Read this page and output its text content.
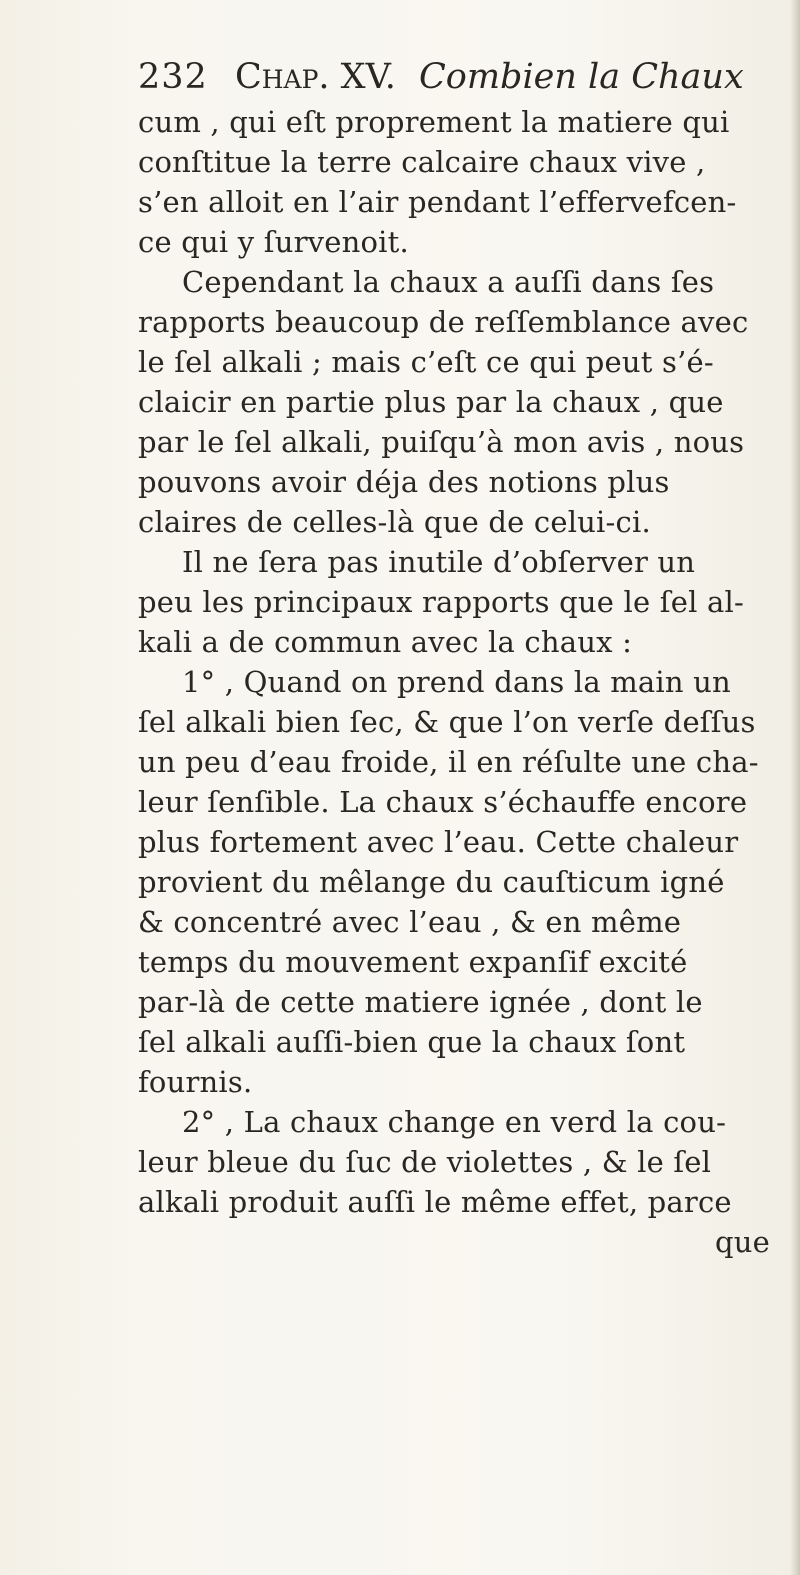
232 Chap. XV. Combien la Chaux
cum , qui eſt proprement la matiere qui
conſtitue la terre calcaire chaux vive ,
s’en alloit en l’air pendant l’effervefcen-
ce qui y ſurvenoit.
Cependant la chaux a auſſi dans ſes
rapports beaucoup de reſſemblance avec
le ſel alkali ; mais c’eſt ce qui peut s’é-
claicir en partie plus par la chaux , que
par le ſel alkali, puiſqu’à mon avis , nous
pouvons avoir déja des notions plus
claires de celles-là que de celui-ci.
Il ne ſera pas inutile d’obſerver un
peu les principaux rapports que le ſel al-
kali a de commun avec la chaux :
1° , Quand on prend dans la main un
ſel alkali bien ſec, & que l’on verſe deſſus
un peu d’eau froide, il en réſulte une cha-
leur ſenſible. La chaux s’échauffe encore
plus fortement avec l’eau. Cette chaleur
provient du mêlange du cauſticum igné
& concentré avec l’eau , & en même
temps du mouvement expanſif excité
par-là de cette matiere ignée , dont le
ſel alkali auſſi-bien que la chaux ſont
fournis.
2° , La chaux change en verd la cou-
leur bleue du ſuc de violettes , & le ſel
alkali produit auſſi le même effet, parce
que
